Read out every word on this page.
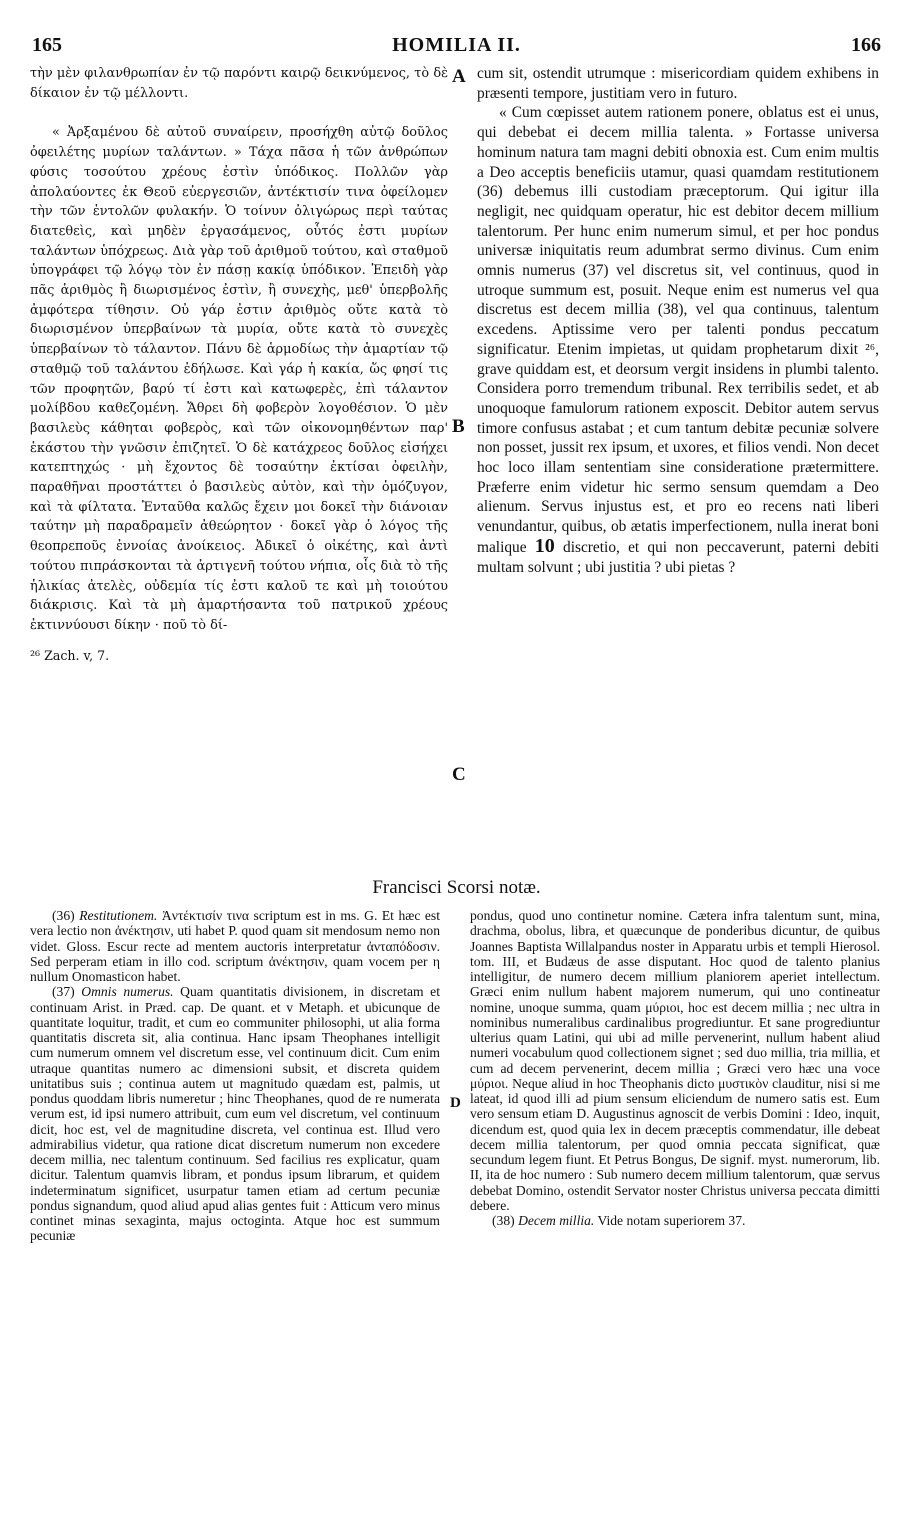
165	HOMILIA II.	166

τὴν μὲν φιλανθρωπίαν ἐν τῷ παρόντι καιρῷ δεικνύμενος, τὸ δὲ δίκαιον ἐν τῷ μέλλοντι.

« Ἀρξαμένου δὲ αὐτοῦ συναίρειν, προσήχθη αὐτῷ δοῦλος ὀφειλέτης μυρίων ταλάντων. » Τάχα πᾶσα ἡ τῶν ἀνθρώπων φύσις τοσούτου χρέους ἐστὶν ὑπόδικος. Πολλῶν γὰρ ἀπολαύοντες ἐκ Θεοῦ εὐεργεσιῶν, ἀντέκτισίν τινα ὀφείλομεν τὴν τῶν ἐντολῶν φυλακήν. Ὁ τοίνυν ὀλιγώρως περὶ ταύτας διατεθεὶς, καὶ μηδὲν ἐργασάμενος, οὗτός ἐστι μυρίων ταλάντων ὑπόχρεως. Διὰ γὰρ τοῦ ἀριθμοῦ τούτου, καὶ σταθμοῦ ὑπογράφει τῷ λόγῳ τὸν ἐν πάσῃ κακίᾳ ὑπόδικον. Ἐπειδὴ γὰρ πᾶς ἀριθμὸς ἢ διωρισμένος ἐστὶν, ἢ συνεχὴς, μεθ' ὑπερβολῆς ἀμφότερα τίθησιν. Οὐ γάρ ἐστιν ἀριθμὸς οὔτε κατὰ τὸ διωρισμένον ὑπερβαίνων τὰ μυρία, οὔτε κατὰ τὸ συνεχὲς ὑπερβαίνων τὸ τάλαντον. Πάνυ δὲ ἁρμοδίως τὴν ἁμαρτίαν τῷ σταθμῷ τοῦ ταλάντου ἐδήλωσε. Καὶ γάρ ἡ κακία, ὥς φησί τις τῶν προφητῶν, βαρύ τί ἐστι καὶ κατωφερὲς, ἐπὶ τάλαντον μολίβδου καθεζομένη. Ἄθρει δὴ φοβερὸν λογοθέσιον. Ὁ μὲν βασιλεὺς κάθηται φοβερὸς, καὶ τῶν οἰκονομηθέντων παρ' ἑκάστου τὴν γνῶσιν ἐπιζητεῖ. Ὁ δὲ κατάχρεος δοῦλος εἰσήχει κατεπτηχώς · μὴ ἔχοντος δὲ τοσαύτην ἐκτίσαι ὀφειλὴν, παραθῆναι προστάττει ὁ βασιλεὺς αὐτὸν, καὶ τὴν ὁμόζυγον, καὶ τὰ φίλτατα. Ἐνταῦθα καλῶς ἔχειν μοι δοκεῖ τὴν διάνοιαν ταύτην μὴ παραδραμεῖν ἀθεώρητον · δοκεῖ γὰρ ὁ λόγος τῆς θεοπρεποῦς ἐννοίας ἀνοίκειος. Ἀδικεῖ ὁ οἰκέτης, καὶ ἀντὶ τούτου πιπράσκονται τὰ ἀρτιγενῆ τούτου νήπια, οἷς διὰ τὸ τῆς ἡλικίας ἀτελὲς, οὐδεμία τίς ἐστι καλοῦ τε καὶ μὴ τοιούτου διάκρισις. Καὶ τὰ μὴ ἁμαρτήσαντα τοῦ πατρικοῦ χρέους ἐκτιννύουσι δίκην · ποῦ τὸ δί-

²⁶ Zach. v, 7.

A
B
C
D

cum sit, ostendit utrumque : misericordiam quidem exhibens in præsenti tempore, justitiam vero in futuro.

« Cum cœpisset autem rationem ponere, oblatus est ei unus, qui debebat ei decem millia talenta. » Fortasse universa hominum natura tam magni debiti obnoxia est. Cum enim multis a Deo acceptis beneficiis utamur, quasi quamdam restitutionem (36) debemus illi custodiam præceptorum. Qui igitur illa negligit, nec quidquam operatur, hic est debitor decem millium talentorum. Per hunc enim numerum simul, et per hoc pondus universæ iniquitatis reum adumbrat sermo divinus. Cum enim omnis numerus (37) vel discretus sit, vel continuus, quod in utroque summum est, posuit. Neque enim est numerus vel qua discretus est decem millia (38), vel qua continuus, talentum excedens. Aptissime vero per talenti pondus peccatum significatur. Etenim impietas, ut quidam prophetarum dixit ²⁶, grave quiddam est, et deorsum vergit insidens in plumbi talento. Considera porro tremendum tribunal. Rex terribilis sedet, et ab unoquoque famulorum rationem exposcit. Debitor autem servus timore confusus astabat ; et cum tantum debitæ pecuniæ solvere non posset, jussit rex ipsum, et uxores, et filios vendi. Non decet hoc loco illam sententiam sine consideratione prætermittere. Præferre enim videtur hic sermo sensum quemdam a Deo alienum. Servus injustus est, et pro eo recens nati liberi venundantur, quibus, ob ætatis imperfectionem, nulla inerat boni malique 10 discretio, et qui non peccaverunt, paterni debiti multam solvunt ; ubi justitia ? ubi pietas ?

Francisci Scorsi notæ.

(36) Restitutionem. Ἀντέκτισίν τινα scriptum est in ms. G. Et hæc est vera lectio non ἀνέκτησιν, uti habet P. quod quam sit mendosum nemo non videt. Gloss. Escur recte ad mentem auctoris interpretatur ἀνταπόδοσιν. Sed perperam etiam in illo cod. scriptum ἀνέκτησιν, quam vocem per η nullum Onomasticon habet.

(37) Omnis numerus. Quam quantitatis divisionem, in discretam et continuam Arist. in Præd. cap. De quant. et v Metaph. et ubicunque de quantitate loquitur, tradit, et cum eo communiter philosophi, ut alia forma quantitatis discreta sit, alia continua. Hanc ipsam Theophanes intelligit cum numerum omnem vel discretum esse, vel continuum dicit. Cum enim utraque quantitas numero ac dimensioni subsit, et discreta quidem unitatibus suis ; continua autem ut magnitudo quædam est, palmis, ut pondus quoddam libris numeretur ; hinc Theophanes, quod de re numerata verum est, id ipsi numero attribuit, cum eum vel discretum, vel continuum dicit, hoc est, vel de magnitudine discreta, vel continua est. Illud vero admirabilius videtur, qua ratione dicat discretum numerum non excedere decem millia, nec talentum continuum. Sed facilius res explicatur, quam dicitur. Talentum quamvis libram, et pondus ipsum librarum, et quidem indeterminatum significet, usurpatur tamen etiam ad certum pecuniæ pondus signandum, quod aliud apud alias gentes fuit : Atticum vero minus continet minas sexaginta, majus octoginta. Atque hoc est summum pecuniæ

pondus, quod uno continetur nomine. Cætera infra talentum sunt, mina, drachma, obolus, libra, et quæcunque de ponderibus dicuntur, de quibus Joannes Baptista Willalpandus noster in Apparatu urbis et templi Hierosol. tom. III, et Budæus de asse disputant. Hoc quod de talento planius intelligitur, de numero decem millium planiorem aperiet intellectum. Græci enim nullum habent majorem numerum, qui uno contineatur nomine, unoque summa, quam μύριοι, hoc est decem millia ; nec ultra in nominibus numeralibus cardinalibus progrediuntur. Et sane progrediuntur ulterius quam Latini, qui ubi ad mille pervenerint, nullum habent aliud numeri vocabulum quod collectionem signet ; sed duo millia, tria millia, et cum ad decem pervenerint, decem millia ; Græci vero hæc una voce μύριοι. Neque aliud in hoc Theophanis dicto μυστικὸν clauditur, nisi si me lateat, id quod illi ad pium sensum eliciendum de numero satis est. Eum vero sensum etiam D. Augustinus agnoscit de verbis Domini : Ideo, inquit, dicendum est, quod quia lex in decem præceptis commendatur, ille debeat decem millia talentorum, per quod omnia peccata significat, quæ secundum legem fiunt. Et Petrus Bongus, De signif. myst. numerorum, lib. II, ita de hoc numero : Sub numero decem millium talentorum, quæ servus debebat Domino, ostendit Servator noster Christus universa peccata dimitti debere.

(38) Decem millia. Vide notam superiorem 37.
